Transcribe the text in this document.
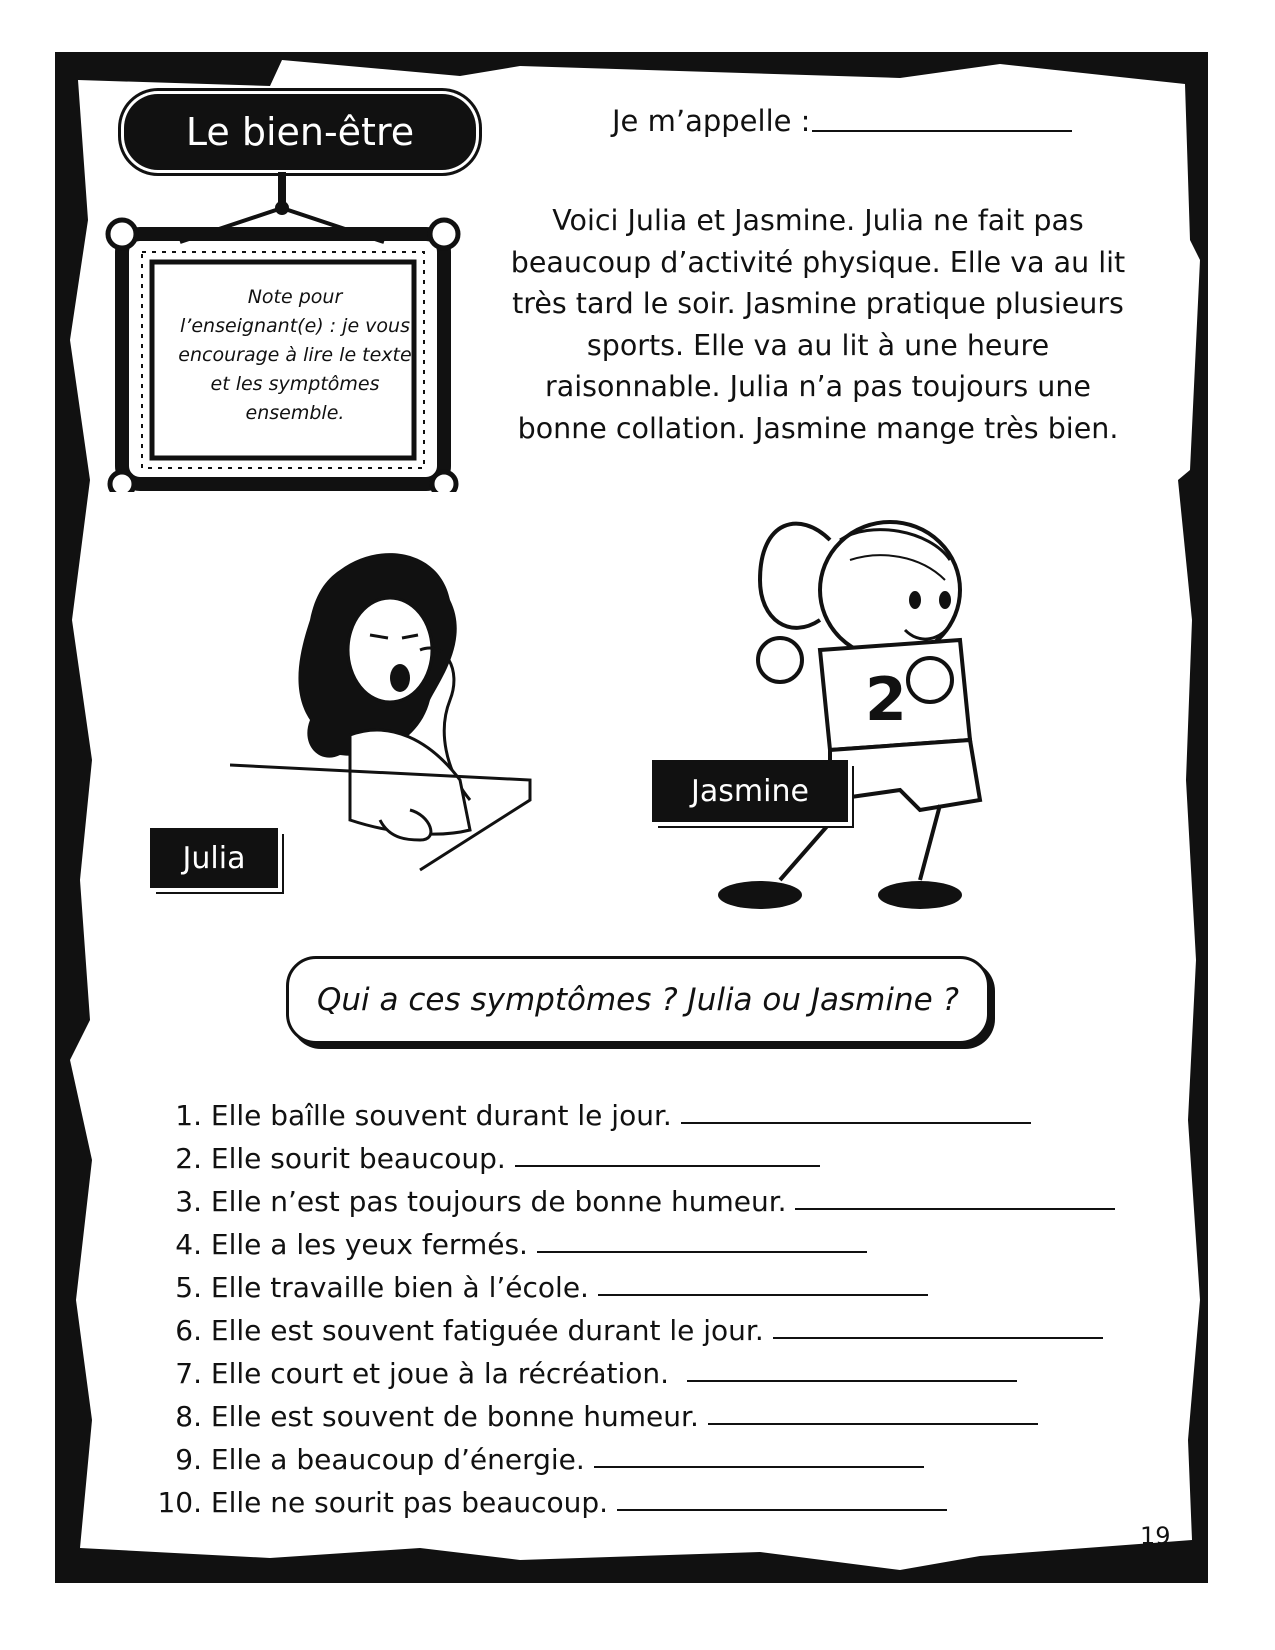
Le bien-être
Note pour l’enseignant(e) : je vous encourage à lire le texte et les symptômes ensemble.
Je m’appelle :
Voici Julia et Jasmine. Julia ne fait pas beaucoup d’activité physique. Elle va au lit très tard le soir. Jasmine pratique plusieurs sports. Elle va au lit à une heure raisonnable. Julia n’a pas toujours une bonne collation. Jasmine mange très bien.
Julia
2
Jasmine
Qui a ces symptômes ? Julia ou Jasmine ?
1.
Elle baîlle souvent durant le jour.

2.
Elle sourit beaucoup.

3.
Elle n’est pas toujours de bonne humeur.

4.
Elle a les yeux fermés.

5.
Elle travaille bien à l’école.

6.
Elle est souvent fatiguée durant le jour.

7.
Elle court et joue à la récréation.

8.
Elle est souvent de bonne humeur.

9.
Elle a beaucoup d’énergie.

10.
Elle ne sourit pas beaucoup.

19
